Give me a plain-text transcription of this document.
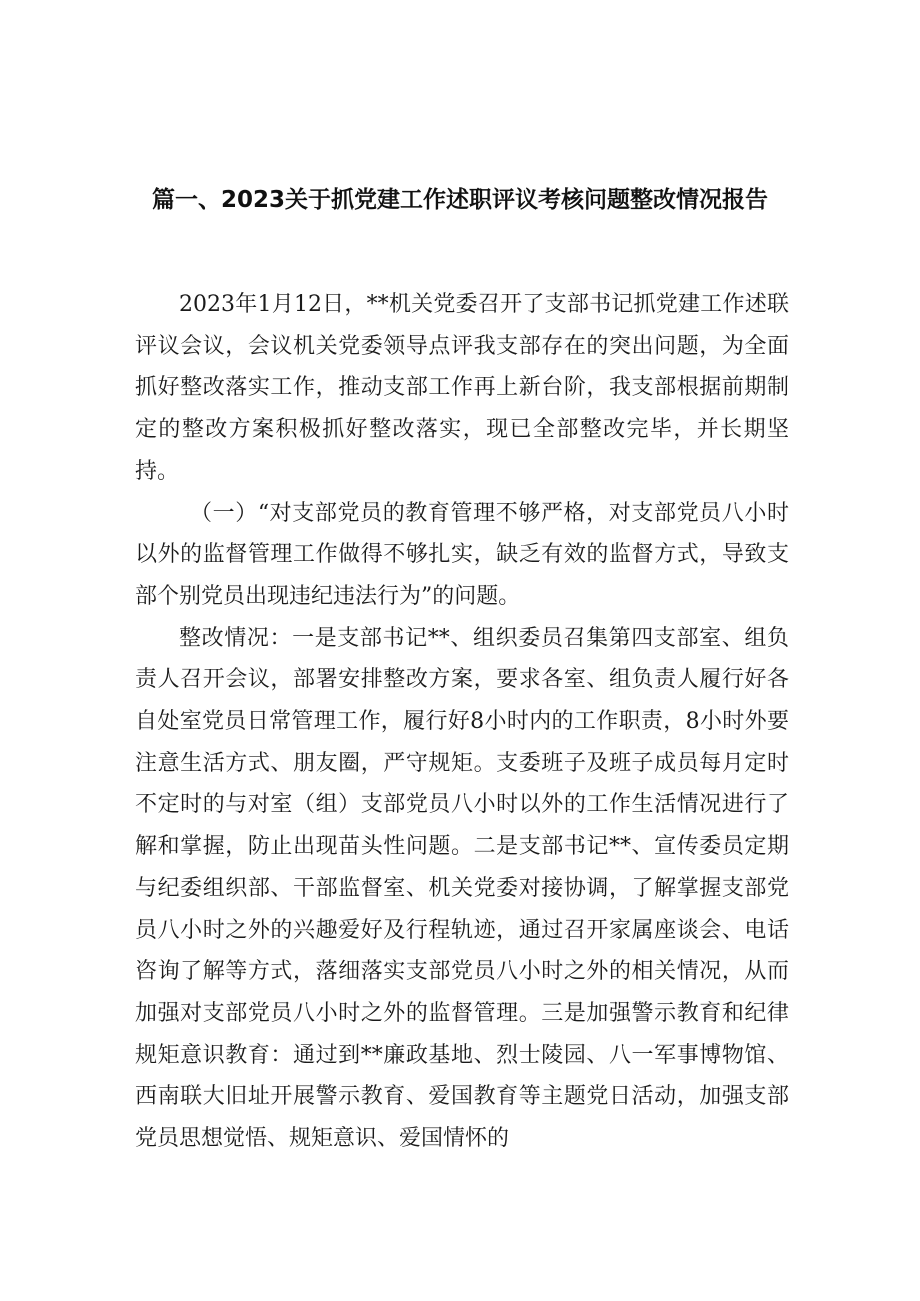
篇一、2023关于抓党建工作述职评议考核问题整改情况报告

2023年1月12日，**机关党委召开了支部书记抓党建工作述联评议会议，会议机关党委领导点评我支部存在的突出问题，为全面抓好整改落实工作，推动支部工作再上新台阶，我支部根据前期制定的整改方案积极抓好整改落实，现已全部整改完毕，并长期坚持。

（一）“对支部党员的教育管理不够严格，对支部党员八小时以外的监督管理工作做得不够扎实，缺乏有效的监督方式，导致支部个别党员出现违纪违法行为”的问题。

整改情况：一是支部书记**、组织委员召集第四支部室、组负责人召开会议，部署安排整改方案，要求各室、组负责人履行好各自处室党员日常管理工作，履行好8小时内的工作职责，8小时外要注意生活方式、朋友圈，严守规矩。支委班子及班子成员每月定时不定时的与对室（组）支部党员八小时以外的工作生活情况进行了解和掌握，防止出现苗头性问题。二是支部书记**、宣传委员定期与纪委组织部、干部监督室、机关党委对接协调，了解掌握支部党员八小时之外的兴趣爱好及行程轨迹，通过召开家属座谈会、电话咨询了解等方式，落细落实支部党员八小时之外的相关情况，从而加强对支部党员八小时之外的监督管理。三是加强警示教育和纪律规矩意识教育：通过到**廉政基地、烈士陵园、八一军事博物馆、西南联大旧址开展警示教育、爱国教育等主题党日活动，加强支部党员思想觉悟、规矩意识、爱国情怀的
